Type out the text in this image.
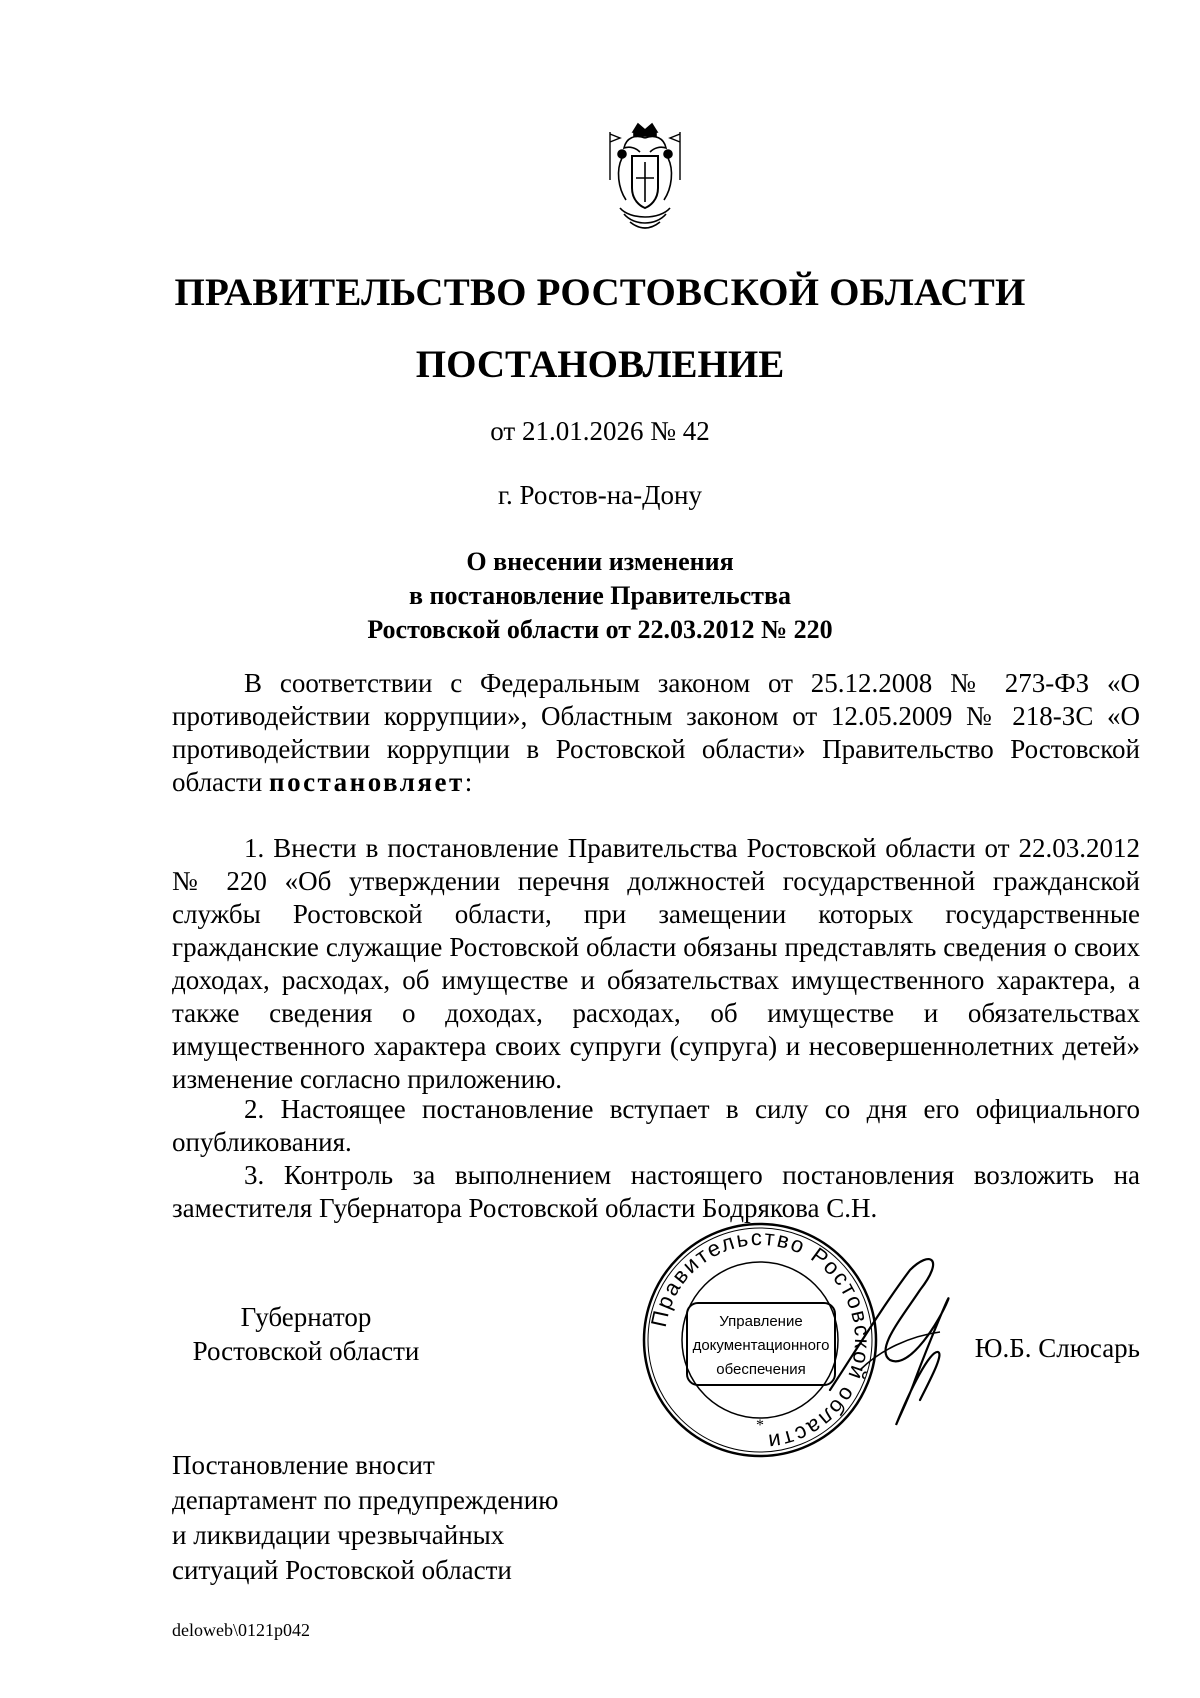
ПРАВИТЕЛЬСТВО РОСТОВСКОЙ ОБЛАСТИ
ПОСТАНОВЛЕНИЕ
от 21.01.2026 № 42
г. Ростов-на-Дону
О внесении изменения
в постановление Правительства
Ростовской области от 22.03.2012 № 220

В соответствии с Федеральным законом от 25.12.2008 № 273-ФЗ «О противодействии коррупции», Областным законом от 12.05.2009 № 218-ЗС «О противодействии коррупции в Ростовской области» Правительство Ростовской области постановляет:

1. Внести в постановление Правительства Ростовской области от 22.03.2012 № 220 «Об утверждении перечня должностей государственной гражданской службы Ростовской области, при замещении которых государственные гражданские служащие Ростовской области обязаны представлять сведения о своих доходах, расходах, об имуществе и обязательствах имущественного характера, а также сведения о доходах, расходах, об имуществе и обязательствах имущественного характера своих супруги (супруга) и несовершеннолетних детей» изменение согласно приложению.

2. Настоящее постановление вступает в силу со дня его официального опубликования.

3. Контроль за выполнением настоящего постановления возложить на заместителя Губернатора Ростовской области Бодрякова С.Н.

Губернатор
Ростовской области
Правительство Ростовской области
*
Управление
документационного
обеспечения
Ю.Б. Слюсарь
Постановление вносит
департамент по предупреждению
и ликвидации чрезвычайных
ситуаций Ростовской области
deloweb\0121p042
